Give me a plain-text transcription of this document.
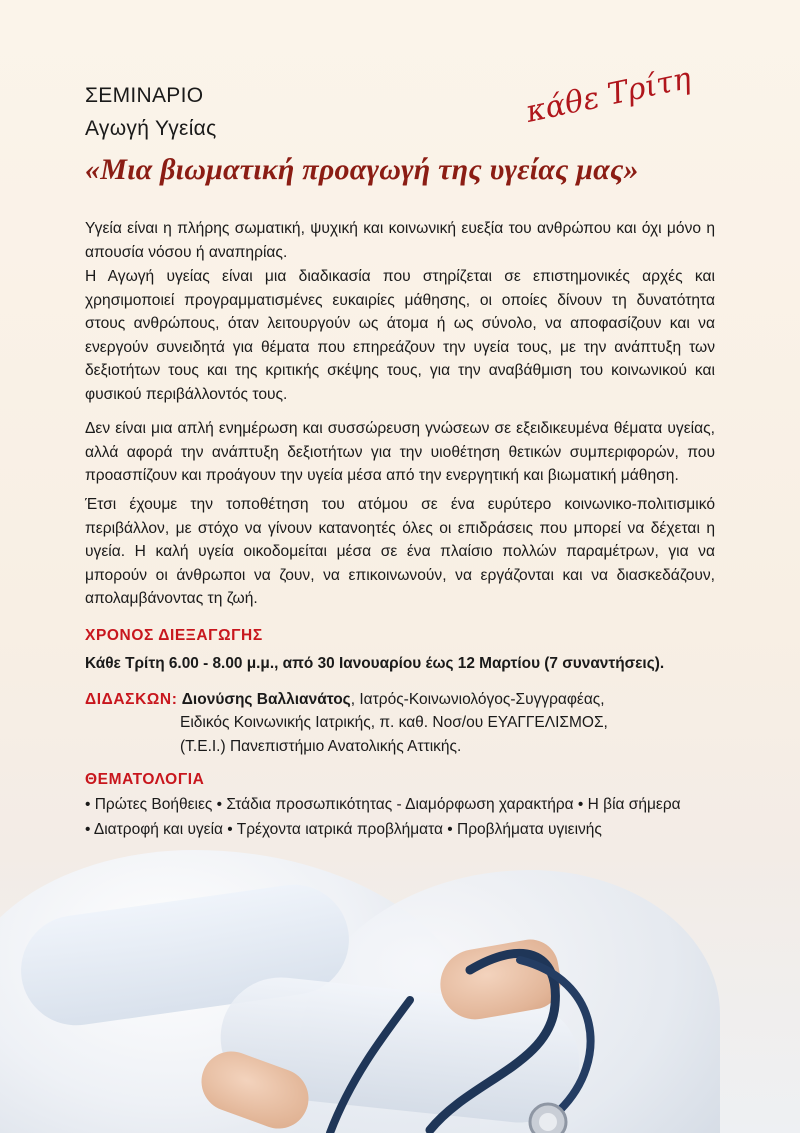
ΣΕΜΙΝΑΡΙΟ
Αγωγή Υγείας	κάθε Τρίτη
«Μια βιωματική προαγωγή της υγείας μας»
Υγεία είναι η πλήρης σωματική, ψυχική και κοινωνική ευεξία του ανθρώπου και όχι μόνο η απουσία νόσου ή αναπηρίας.
Η Αγωγή υγείας είναι μια διαδικασία που στηρίζεται σε επιστημονικές αρχές και χρησιμοποιεί προγραμματισμένες ευκαιρίες μάθησης, οι οποίες δίνουν τη δυνατότητα στους ανθρώπους, όταν λειτουργούν ως άτομα ή ως σύνολο, να αποφασίζουν και να ενεργούν συνειδητά για θέματα που επηρεάζουν την υγεία τους, με την ανάπτυξη των δεξιοτήτων τους και της κριτικής σκέψης τους, για την αναβάθμιση του κοινωνικού και φυσικού περιβάλλοντός τους.
Δεν είναι μια απλή ενημέρωση και συσσώρευση γνώσεων σε εξειδικευμένα θέματα υγείας, αλλά αφορά την ανάπτυξη δεξιοτήτων για την υιοθέτηση θετικών συμπεριφορών, που προασπίζουν και προάγουν την υγεία μέσα από την ενεργητική και βιωματική μάθηση.
Έτσι έχουμε την τοποθέτηση του ατόμου σε ένα ευρύτερο κοινωνικο-πολιτισμικό περιβάλλον, με στόχο να γίνουν κατανοητές όλες οι επιδράσεις που μπορεί να δέχεται η υγεία. Η καλή υγεία οικοδομείται μέσα σε ένα πλαίσιο πολλών παραμέτρων, για να μπορούν οι άνθρωποι να ζουν, να επικοινωνούν, να εργάζονται και να διασκεδάζουν, απολαμβάνοντας τη ζωή.
ΧΡΟΝΟΣ ΔΙΕΞΑΓΩΓΗΣ
Κάθε Τρίτη 6.00 - 8.00 μ.μ., από 30 Ιανουαρίου έως 12 Μαρτίου (7 συναντήσεις).
ΔΙΔΑΣΚΩΝ: Διονύσης Βαλλιανάτος, Ιατρός-Κοινωνιολόγος-Συγγραφέας,
Ειδικός Κοινωνικής Ιατρικής, π. καθ. Νοσ/ου ΕΥΑΓΓΕΛΙΣΜΟΣ,
(Τ.Ε.Ι.) Πανεπιστήμιο Ανατολικής Αττικής.
ΘΕΜΑΤΟΛΟΓΙΑ
• Πρώτες Βοήθειες • Στάδια προσωπικότητας - Διαμόρφωση χαρακτήρα • Η βία σήμερα
• Διατροφή και υγεία • Τρέχοντα ιατρικά προβλήματα • Προβλήματα υγιεινής
